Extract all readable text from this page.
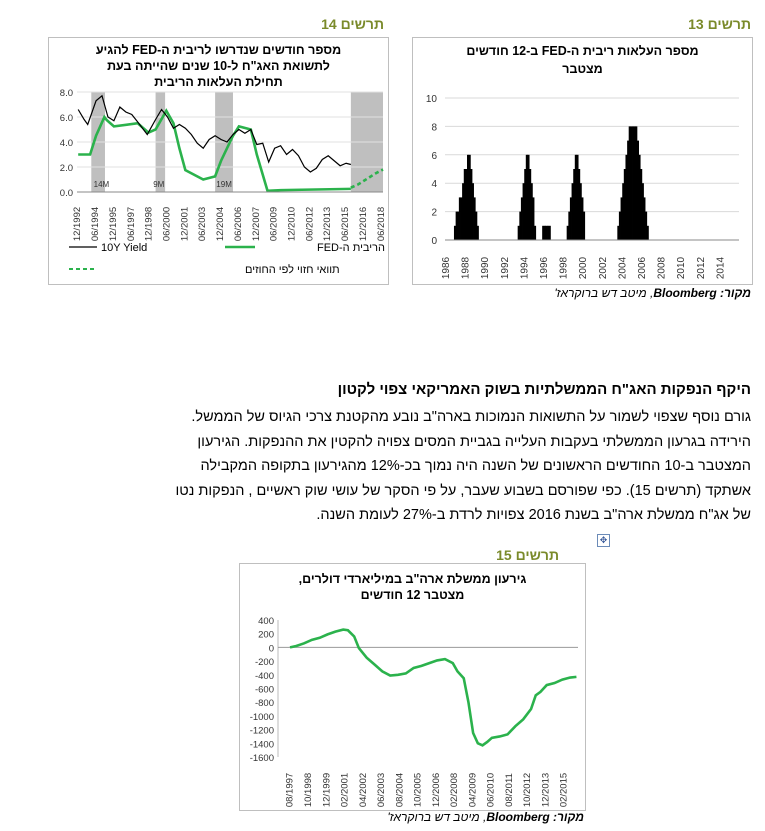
תרשים 13
מספר העלאות ריבית ה-FED ב-12 חודשים
מצטבר
0
2
4
6
8
10
1986 1988 1990 1992 1994 1996 1998 2000 2002 2004 2006 2008 2010 2012 2014
מקור: Bloomberg, מיטב דש ברוקראז'
תרשים 14
מספר חודשים שנדרשו לריבית ה-FED להגיע
לתשואת האג"ח ל-10 שנים שהייתה בעת
תחילת העלאות הריבית
0.0
2.0
4.0
6.0
8.0
14M	9M	19M
12/1992 06/1994 12/1995 06/1997 12/1998 06/2000 12/2001 06/2003 12/2004 06/2006 12/2007 06/2009 12/2010 06/2012 12/2013 06/2015 12/2016 06/2018
הריבית ה-FED
10Y Yield
תוואי חזוי לפי החוזים
היקף הנפקות האג"ח הממשלתיות בשוק האמריקאי צפוי לקטון
גורם נוסף שצפוי לשמור על התשואות הנמוכות בארה"ב נובע מהקטנת צרכי הגיוס של הממשל.
הירידה בגרעון הממשלתי בעקבות העלייה בגביית המסים צפויה להקטין את ההנפקות. הגירעון
המצטבר ב-10 החודשים הראשונים של השנה היה נמוך בכ-12% מהגירעון בתקופה המקבילה
אשתקד (תרשים 15). כפי שפורסם בשבוע שעבר, על פי הסקר של עושי שוק ראשיים , הנפקות נטו
של אג"ח ממשלת ארה"ב בשנת 2016 צפויות לרדת ב-27% לעומת השנה.
✥
תרשים 15
גירעון ממשלת ארה"ב במיליארדי דולרים,
מצטבר 12 חודשים
400
200
0
-200
-400
-600
-800
-1000
-1200
-1400
-1600
08/1997 10/1998 12/1999 02/2001 04/2002 06/2003 08/2004 10/2005 12/2006 02/2008 04/2009 06/2010 08/2011 10/2012 12/2013 02/2015
מקור: Bloomberg, מיטב דש ברוקראז'
